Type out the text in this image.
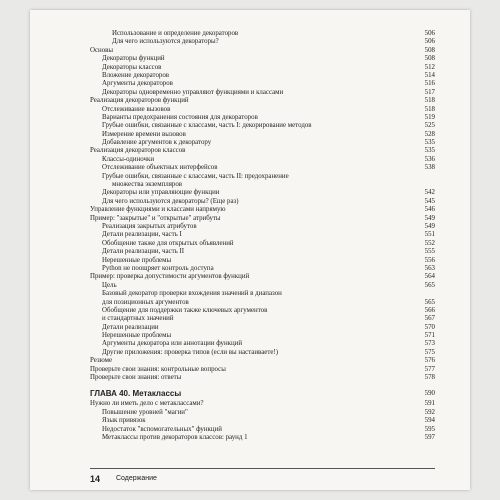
Использование и определение декораторов	506
Для чего используются декораторы?	506
Основы	508
Декораторы функций	508
Декораторы классов	512
Вложение декораторов	514
Аргументы декораторов	516
Декораторы одновременно управляют функциями и классами	517
Реализация декораторов функций	518
Отслеживание вызовов	518
Варианты предохранения состояния для декораторов	519
Грубые ошибки, связанные с классами, часть I: декорирование методов	525
Измерение времени вызовов	528
Добавление аргументов к декоратору	535
Реализация декораторов классов	535
Классы-одиночки	536
Отслеживание объектных интерфейсов	538
Грубые ошибки, связанные с классами, часть II: предохранение
множества экземпляров
Декораторы или управляющие функции	542
Для чего используются декораторы? (Еще раз)	545
Управление функциями и классами напрямую	546
Пример: "закрытые" и "открытые" атрибуты	549
Реализация закрытых атрибутов	549
Детали реализации, часть I	551
Обобщение также для открытых объявлений	552
Детали реализации, часть II	555
Нерешенные проблемы	556
Python не поощряет контроль доступа	563
Пример: проверка допустимости аргументов функций	564
Цель	565
Базовый декоратор проверки вхождения значений в диапазон
для позиционных аргументов	565
Обобщение для поддержки также ключевых аргументов	566
и стандартных значений	567
Детали реализации	570
Нерешенные проблемы	571
Аргументы декоратора или аннотации функций	573
Другие приложения: проверка типов (если вы настаиваете!)	575
Резюме	576
Проверьте свои знания: контрольные вопросы	577
Проверьте свои знания: ответы	578
ГЛАВА 40. Метаклассы	590
Нужно ли иметь дело с метаклассами?	591
Повышение уровней "магии"	592
Язык привязок	594
Недостаток "вспомогательных" функций	595
Метаклассы против декораторов классов: раунд 1	597
14 Содержание
